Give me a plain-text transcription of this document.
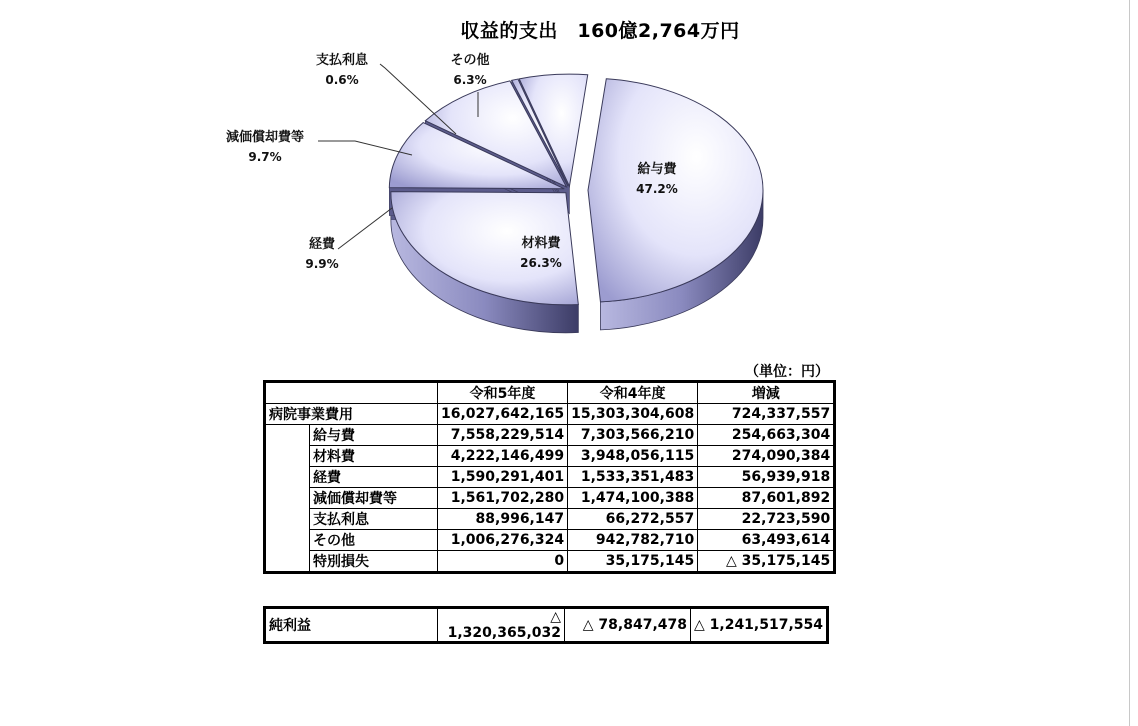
収益的支出　160億2,764万円
給与費
47.2%
材料費
26.3%
経費
9.9%
減価償却費等
9.7%
支払利息
0.6%
その他
6.3%
（単位：円）
		令和5年度	令和4年度	増減
病院事業費用		16,027,642,165	15,303,304,608	724,337,557
	給与費	7,558,229,514	7,303,566,210	254,663,304
	材料費	4,222,146,499	3,948,056,115	274,090,384
	経費	1,590,291,401	1,533,351,483	56,939,918
	減価償却費等	1,561,702,280	1,474,100,388	87,601,892
	支払利息	88,996,147	66,272,557	22,723,590
	その他	1,006,276,324	942,782,710	63,493,614
	特別損失	0	35,175,145	△ 35,175,145
純利益	△ 1,320,365,032	△ 78,847,478	△ 1,241,517,554
